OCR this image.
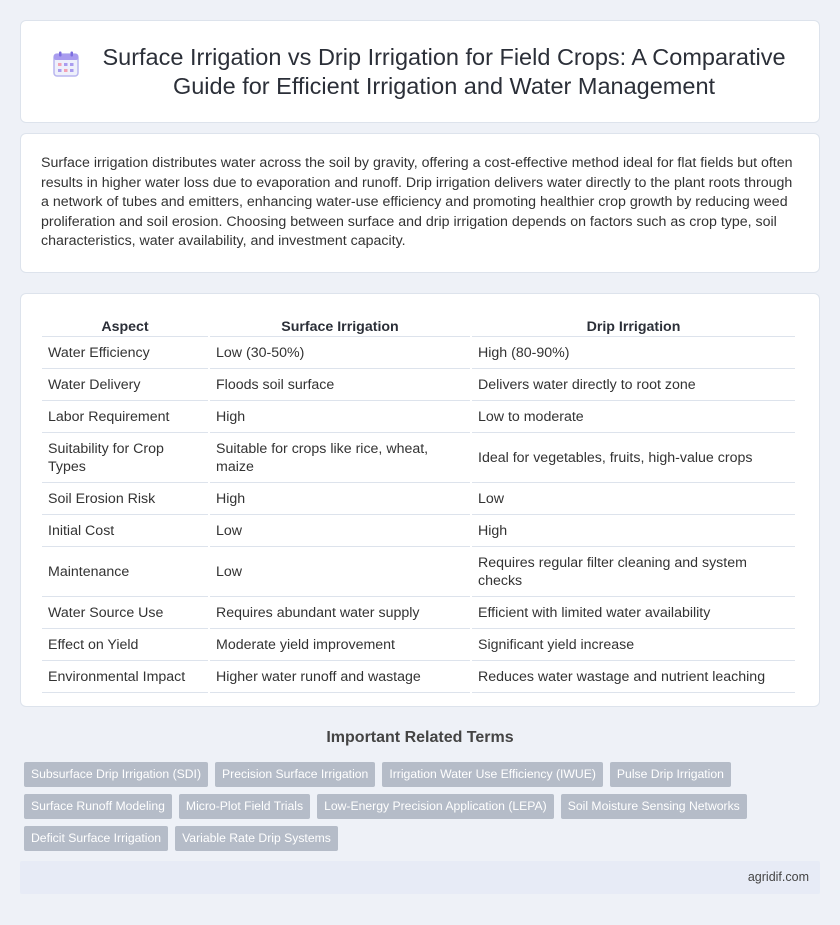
Surface Irrigation vs Drip Irrigation for Field Crops: A Comparative Guide for Efficient Irrigation and Water Management

Surface irrigation distributes water across the soil by gravity, offering a cost-effective method ideal for flat fields but often results in higher water loss due to evaporation and runoff. Drip irrigation delivers water directly to the plant roots through a network of tubes and emitters, enhancing water-use efficiency and promoting healthier crop growth by reducing weed proliferation and soil erosion. Choosing between surface and drip irrigation depends on factors such as crop type, soil characteristics, water availability, and investment capacity.

Aspect	Surface Irrigation	Drip Irrigation
Water Efficiency	Low (30-50%)	High (80-90%)
Water Delivery	Floods soil surface	Delivers water directly to root zone
Labor Requirement	High	Low to moderate
Suitability for Crop Types	Suitable for crops like rice, wheat, maize	Ideal for vegetables, fruits, high-value crops
Soil Erosion Risk	High	Low
Initial Cost	Low	High
Maintenance	Low	Requires regular filter cleaning and system checks
Water Source Use	Requires abundant water supply	Efficient with limited water availability
Effect on Yield	Moderate yield improvement	Significant yield increase
Environmental Impact	Higher water runoff and wastage	Reduces water wastage and nutrient leaching
Important Related Terms
Subsurface Drip Irrigation (SDI)	Precision Surface Irrigation	Irrigation Water Use Efficiency (IWUE)	Pulse Drip Irrigation
Surface Runoff Modeling	Micro-Plot Field Trials	Low-Energy Precision Application (LEPA)	Soil Moisture Sensing Networks
Deficit Surface Irrigation	Variable Rate Drip Systems
agridif.com
